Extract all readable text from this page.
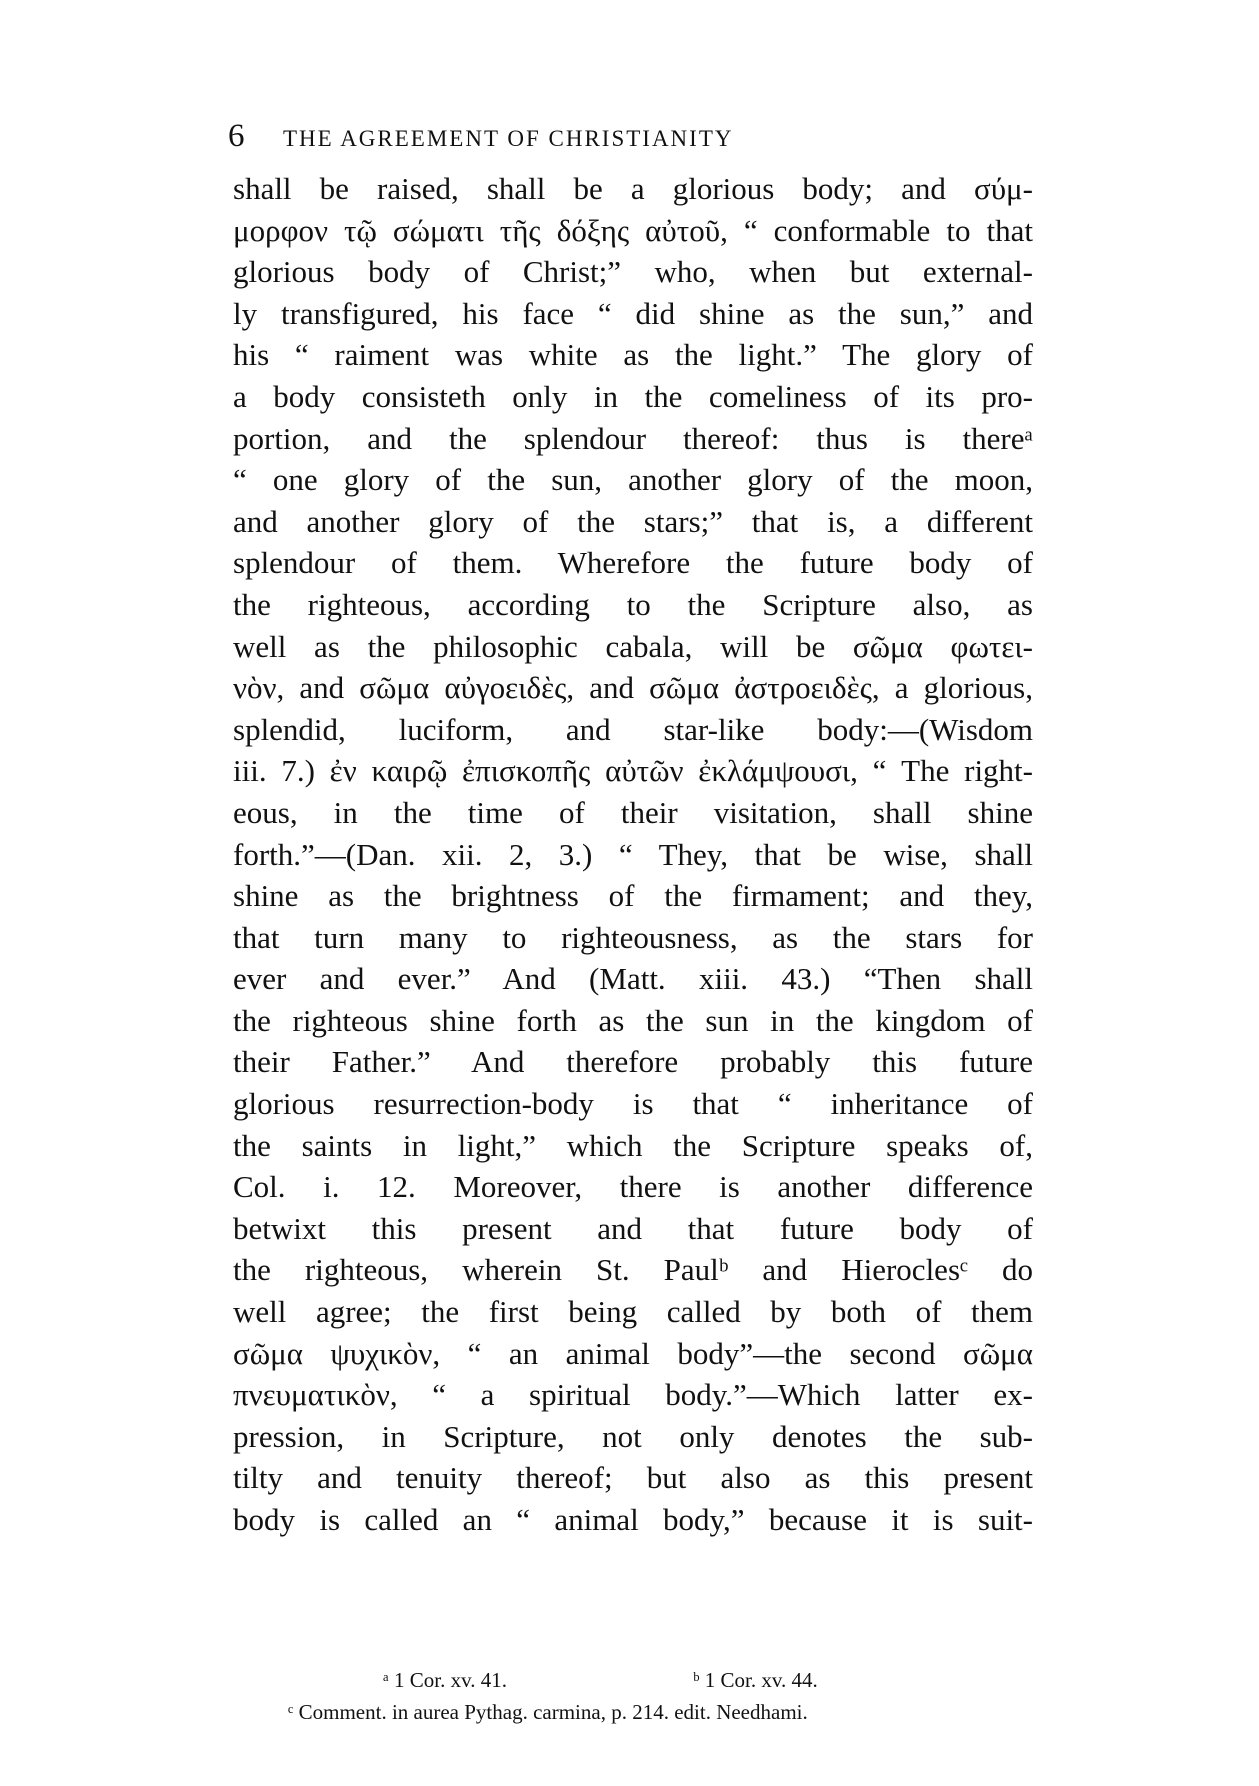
6 THE AGREEMENT OF CHRISTIANITY
shall be raised, shall be a glorious body; and σύμ-
μορφον τῷ σώματι τῆς δόξης αὐτοῦ, “ conformable to that
glorious body of Christ;” who, when but external-
ly transfigured, his face “ did shine as the sun,” and
his “ raiment was white as the light.” The glory of
a body consisteth only in the comeliness of its pro-
portion, and the splendour thereof: thus is thereᵃ
“ one glory of the sun, another glory of the moon,
and another glory of the stars;” that is, a different
splendour of them. Wherefore the future body of
the righteous, according to the Scripture also, as
well as the philosophic cabala, will be σῶμα φωτει-
νὸν, and σῶμα αὐγοειδὲς, and σῶμα ἀστροειδὲς, a glorious,
splendid, luciform, and star-like body:—(Wisdom
iii. 7.) ἐν καιρῷ ἐπισκοπῆς αὐτῶν ἐκλάμψουσι, “ The right-
eous, in the time of their visitation, shall shine
forth.”—(Dan. xii. 2, 3.) “ They, that be wise, shall
shine as the brightness of the firmament; and they,
that turn many to righteousness, as the stars for
ever and ever.” And (Matt. xiii. 43.) “Then shall
the righteous shine forth as the sun in the kingdom of
their Father.” And therefore probably this future
glorious resurrection-body is that “ inheritance of
the saints in light,” which the Scripture speaks of,
Col. i. 12. Moreover, there is another difference
betwixt this present and that future body of
the righteous, wherein St. Paulᵇ and Hieroclesᶜ do
well agree; the first being called by both of them
σῶμα ψυχικὸν, “ an animal body”—the second σῶμα
πνευματικὸν, “ a spiritual body.”—Which latter ex-
pression, in Scripture, not only denotes the sub-
tilty and tenuity thereof; but also as this present
body is called an “ animal body,” because it is suit-
ᵃ 1 Cor. xv. 41.	ᵇ 1 Cor. xv. 44.
ᶜ Comment. in aurea Pythag. carmina, p. 214. edit. Needhami.
